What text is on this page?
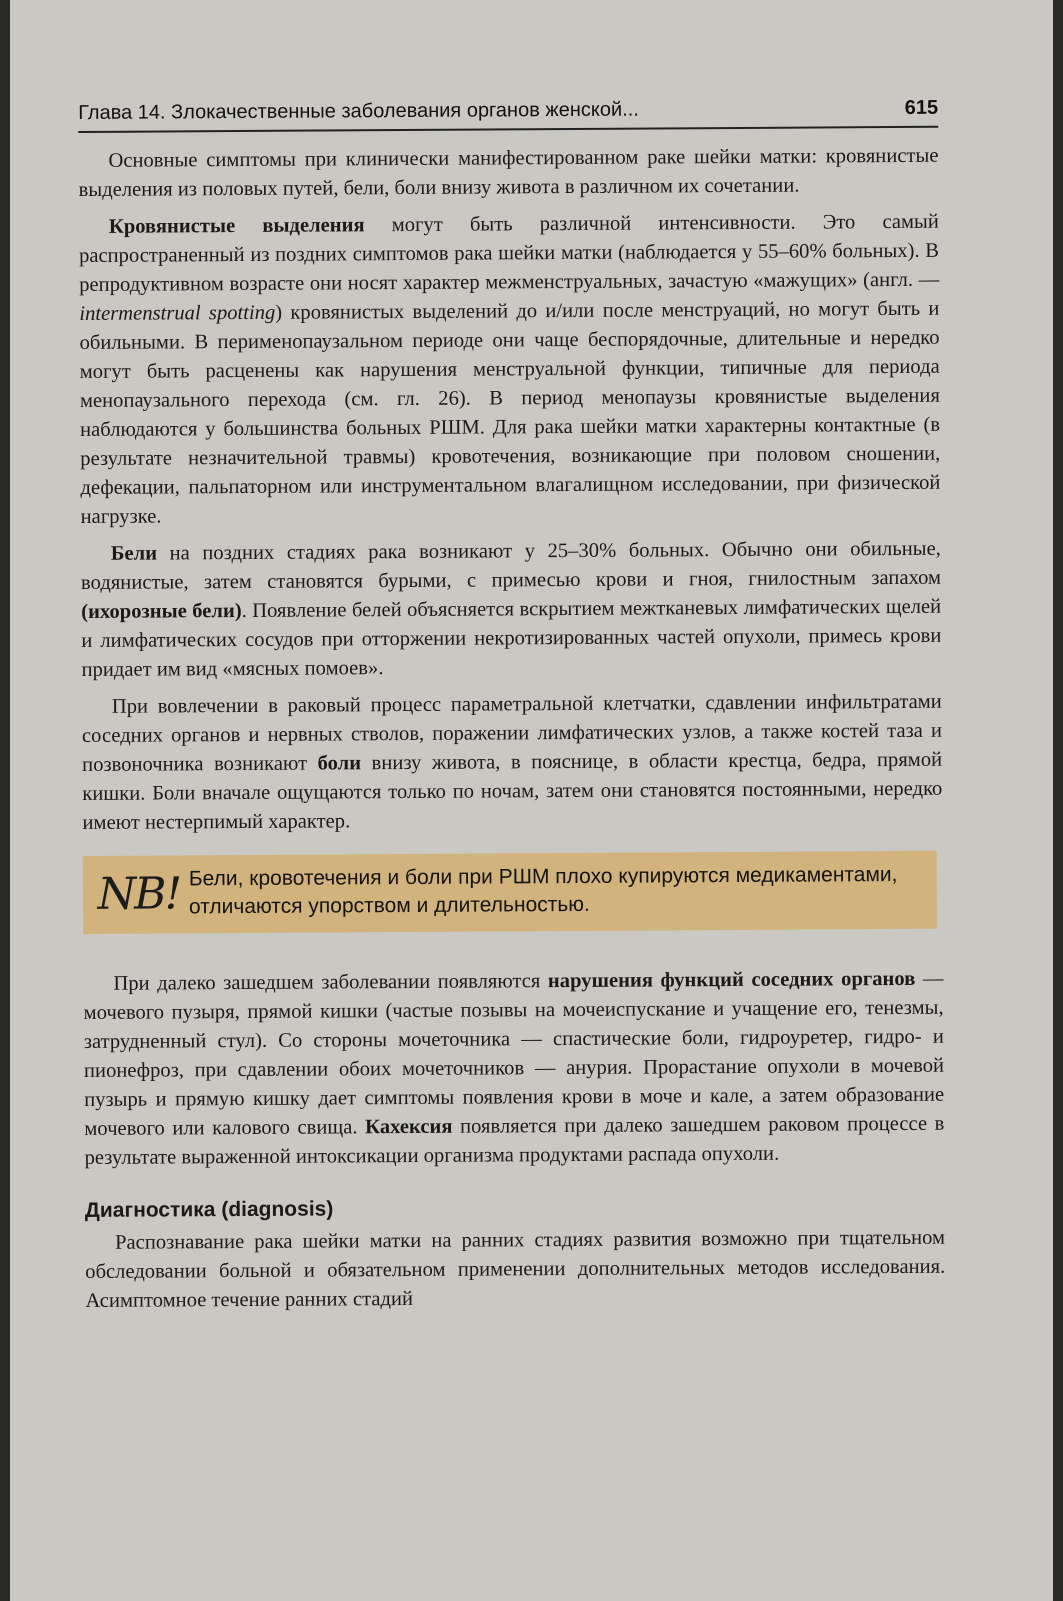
Глава 14. Злокачественные заболевания органов женской...	615

Основные симптомы при клинически манифестированном раке шейки матки: кровянистые выделения из половых путей, бели, боли внизу живота в различном их сочетании.

Кровянистые выделения могут быть различной интенсивности. Это самый распространенный из поздних симптомов рака шейки матки (наблюдается у 55–60% больных). В репродуктивном возрасте они носят характер межменструальных, зачастую «мажущих» (англ. — intermenstrual spotting) кровянистых выделений до и/или после менструаций, но могут быть и обильными. В перименопаузальном периоде они чаще беспорядочные, длительные и нередко могут быть расценены как нарушения менструальной функции, типичные для периода менопаузального перехода (см. гл. 26). В период менопаузы кровянистые выделения наблюдаются у большинства больных РШМ. Для рака шейки матки характерны контактные (в результате незначительной травмы) кровотечения, возникающие при половом сношении, дефекации, пальпаторном или инструментальном влагалищном исследовании, при физической нагрузке.

Бели на поздних стадиях рака возникают у 25–30% больных. Обычно они обильные, водянистые, затем становятся бурыми, с примесью крови и гноя, гнилостным запахом (ихорозные бели). Появление белей объясняется вскрытием межтканевых лимфатических щелей и лимфатических сосудов при отторжении некротизированных частей опухоли, примесь крови придает им вид «мясных помоев».

При вовлечении в раковый процесс параметральной клетчатки, сдавлении инфильтратами соседних органов и нервных стволов, поражении лимфатических узлов, а также костей таза и позвоночника возникают боли внизу живота, в пояснице, в области крестца, бедра, прямой кишки. Боли вначале ощущаются только по ночам, затем они становятся постоянными, нередко имеют нестерпимый характер.

NB! Бели, кровотечения и боли при РШМ плохо купируются медикаментами, отличаются упорством и длительностью.

При далеко зашедшем заболевании появляются нарушения функций соседних органов — мочевого пузыря, прямой кишки (частые позывы на мочеиспускание и учащение его, тенезмы, затрудненный стул). Со стороны мочеточника — спастические боли, гидроуретер, гидро- и пионефроз, при сдавлении обоих мочеточников — анурия. Прорастание опухоли в мочевой пузырь и прямую кишку дает симптомы появления крови в моче и кале, а затем образование мочевого или калового свища. Кахексия появляется при далеко зашедшем раковом процессе в результате выраженной интоксикации организма продуктами распада опухоли.

Диагностика (diagnosis)

Распознавание рака шейки матки на ранних стадиях развития возможно при тщательном обследовании больной и обязательном применении дополнительных методов исследования. Асимптомное течение ранних стадий
